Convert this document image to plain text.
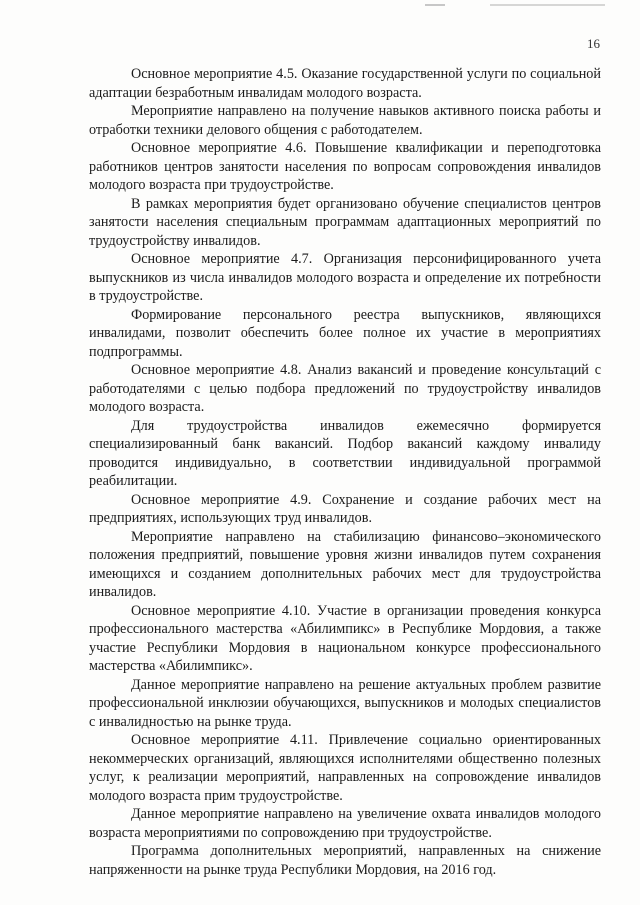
16

Основное мероприятие 4.5. Оказание государственной услуги по социальной адаптации безработным инвалидам молодого возраста.

Мероприятие направлено на получение навыков активного поиска работы и отработки техники делового общения с работодателем.

Основное мероприятие 4.6. Повышение квалификации и переподготовка работников центров занятости населения по вопросам сопровождения инвалидов молодого возраста при трудоустройстве.

В рамках мероприятия будет организовано обучение специалистов центров занятости населения специальным программам адаптационных мероприятий по трудоустройству инвалидов.

Основное мероприятие 4.7. Организация персонифицированного учета выпускников из числа инвалидов молодого возраста и определение их потребности в трудоустройстве.

Формирование персонального реестра выпускников, являющихся инвалидами, позволит обеспечить более полное их участие в мероприятиях подпрограммы.

Основное мероприятие 4.8. Анализ вакансий и проведение консультаций с работодателями с целью подбора предложений по трудоустройству инвалидов молодого возраста.

Для трудоустройства инвалидов ежемесячно формируется специализированный банк вакансий. Подбор вакансий каждому инвалиду проводится индивидуально, в соответствии индивидуальной программой реабилитации.

Основное мероприятие 4.9. Сохранение и создание рабочих мест на предприятиях, использующих труд инвалидов.

Мероприятие направлено на стабилизацию финансово–экономического положения предприятий, повышение уровня жизни инвалидов путем сохранения имеющихся и созданием дополнительных рабочих мест для трудоустройства инвалидов.

Основное мероприятие 4.10. Участие в организации проведения конкурса профессионального мастерства «Абилимпикс» в Республике Мордовия, а также участие Республики Мордовия в национальном конкурсе профессионального мастерства «Абилимпикс».

Данное мероприятие направлено на решение актуальных проблем развитие профессиональной инклюзии обучающихся, выпускников и молодых специалистов с инвалидностью на рынке труда.

Основное мероприятие 4.11. Привлечение социально ориентированных некоммерческих организаций, являющихся исполнителями общественно полезных услуг, к реализации мероприятий, направленных на сопровождение инвалидов молодого возраста прим трудоустройстве.

Данное мероприятие направлено на увеличение охвата инвалидов молодого возраста мероприятиями по сопровождению при трудоустройстве.

Программа дополнительных мероприятий, направленных на снижение напряженности на рынке труда Республики Мордовия, на 2016 год.
